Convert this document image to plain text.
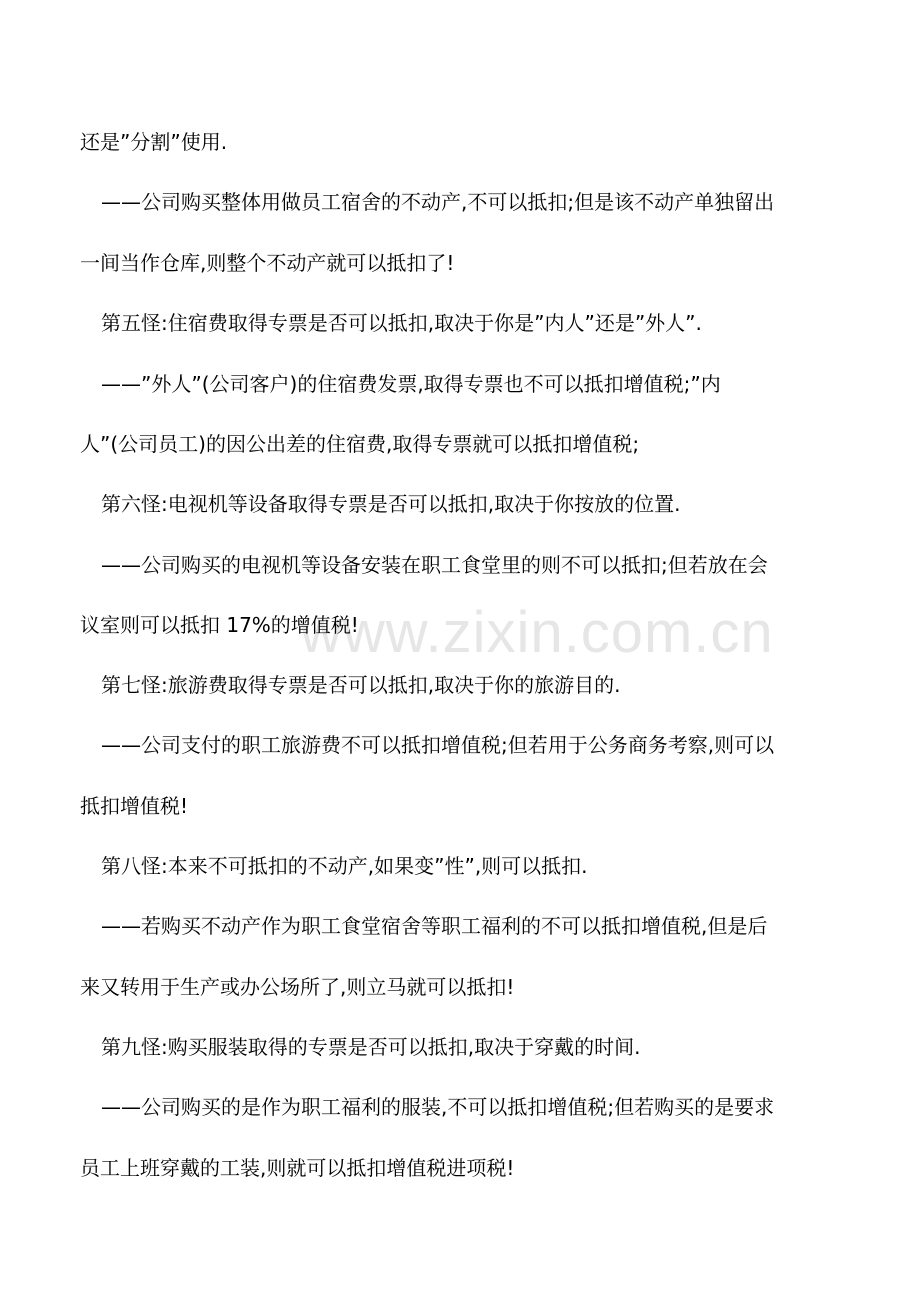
www.zixin.com.cn
还是”分割”使用.
——公司购买整体用做员工宿舍的不动产,不可以抵扣;但是该不动产单独留出
一间当作仓库,则整个不动产就可以抵扣了!
第五怪:住宿费取得专票是否可以抵扣,取决于你是”内人”还是”外人”.
——”外人”(公司客户)的住宿费发票,取得专票也不可以抵扣增值税;”内
人”(公司员工)的因公出差的住宿费,取得专票就可以抵扣增值税;
第六怪:电视机等设备取得专票是否可以抵扣,取决于你按放的位置.
——公司购买的电视机等设备安装在职工食堂里的则不可以抵扣;但若放在会
议室则可以抵扣 17%的增值税!
第七怪:旅游费取得专票是否可以抵扣,取决于你的旅游目的.
——公司支付的职工旅游费不可以抵扣增值税;但若用于公务商务考察,则可以
抵扣增值税!
第八怪:本来不可抵扣的不动产,如果变”性”,则可以抵扣.
——若购买不动产作为职工食堂宿舍等职工福利的不可以抵扣增值税,但是后
来又转用于生产或办公场所了,则立马就可以抵扣!
第九怪:购买服装取得的专票是否可以抵扣,取决于穿戴的时间.
——公司购买的是作为职工福利的服装,不可以抵扣增值税;但若购买的是要求
员工上班穿戴的工装,则就可以抵扣增值税进项税!
